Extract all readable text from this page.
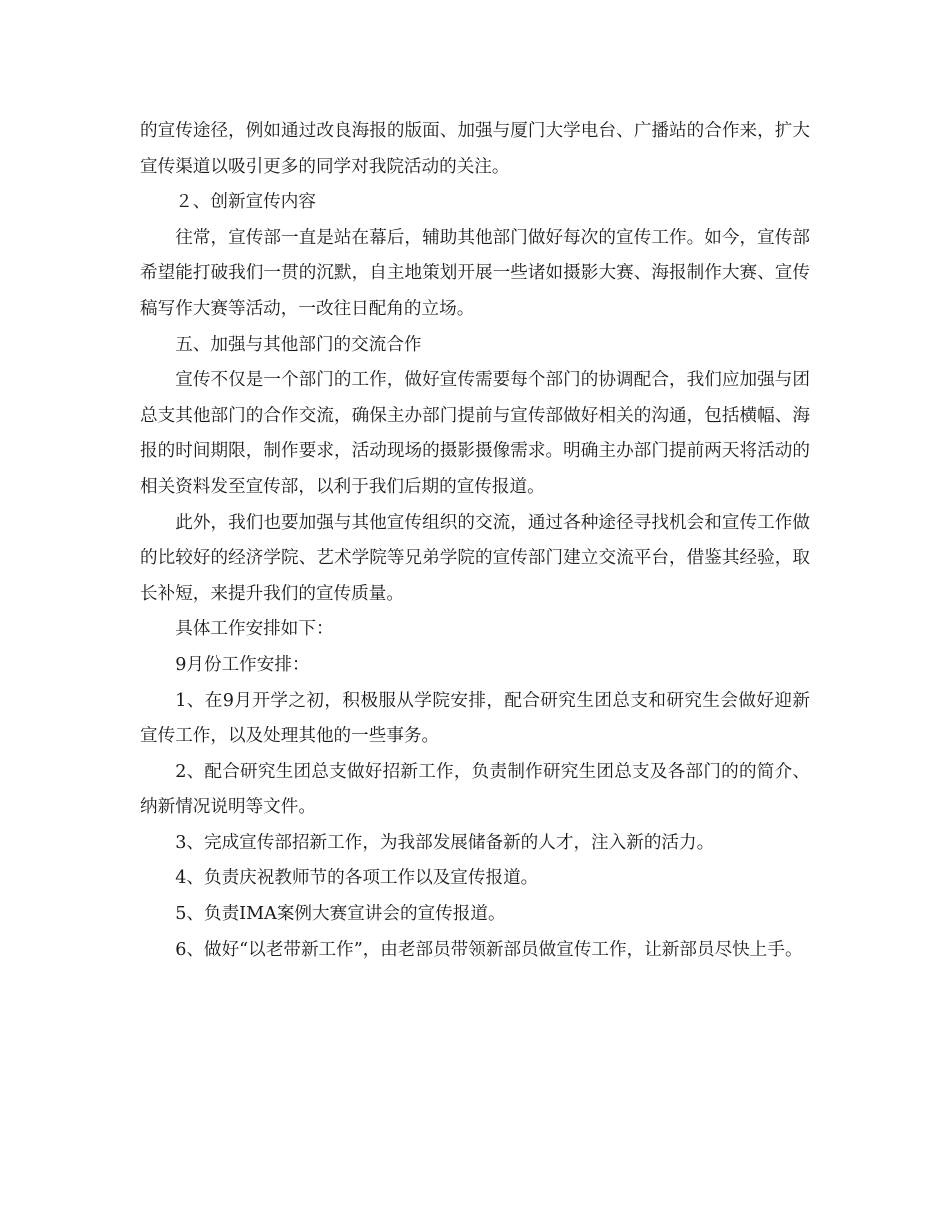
的宣传途径，例如通过改良海报的版面、加强与厦门大学电台、广播站的合作来，扩大宣传渠道以吸引更多的同学对我院活动的关注。

２、创新宣传内容

往常，宣传部一直是站在幕后，辅助其他部门做好每次的宣传工作。如今，宣传部希望能打破我们一贯的沉默，自主地策划开展一些诸如摄影大赛、海报制作大赛、宣传稿写作大赛等活动，一改往日配角的立场。

五、加强与其他部门的交流合作

宣传不仅是一个部门的工作，做好宣传需要每个部门的协调配合，我们应加强与团总支其他部门的合作交流，确保主办部门提前与宣传部做好相关的沟通，包括横幅、海报的时间期限，制作要求，活动现场的摄影摄像需求。明确主办部门提前两天将活动的相关资料发至宣传部，以利于我们后期的宣传报道。

此外，我们也要加强与其他宣传组织的交流，通过各种途径寻找机会和宣传工作做的比较好的经济学院、艺术学院等兄弟学院的宣传部门建立交流平台，借鉴其经验，取长补短，来提升我们的宣传质量。

具体工作安排如下：

9月份工作安排：

1、在9月开学之初，积极服从学院安排，配合研究生团总支和研究生会做好迎新宣传工作，以及处理其他的一些事务。

2、配合研究生团总支做好招新工作，负责制作研究生团总支及各部门的的简介、纳新情况说明等文件。

3、完成宣传部招新工作，为我部发展储备新的人才，注入新的活力。

4、负责庆祝教师节的各项工作以及宣传报道。

5、负责IMA案例大赛宣讲会的宣传报道。

6、做好“以老带新工作”，由老部员带领新部员做宣传工作，让新部员尽快上手。
